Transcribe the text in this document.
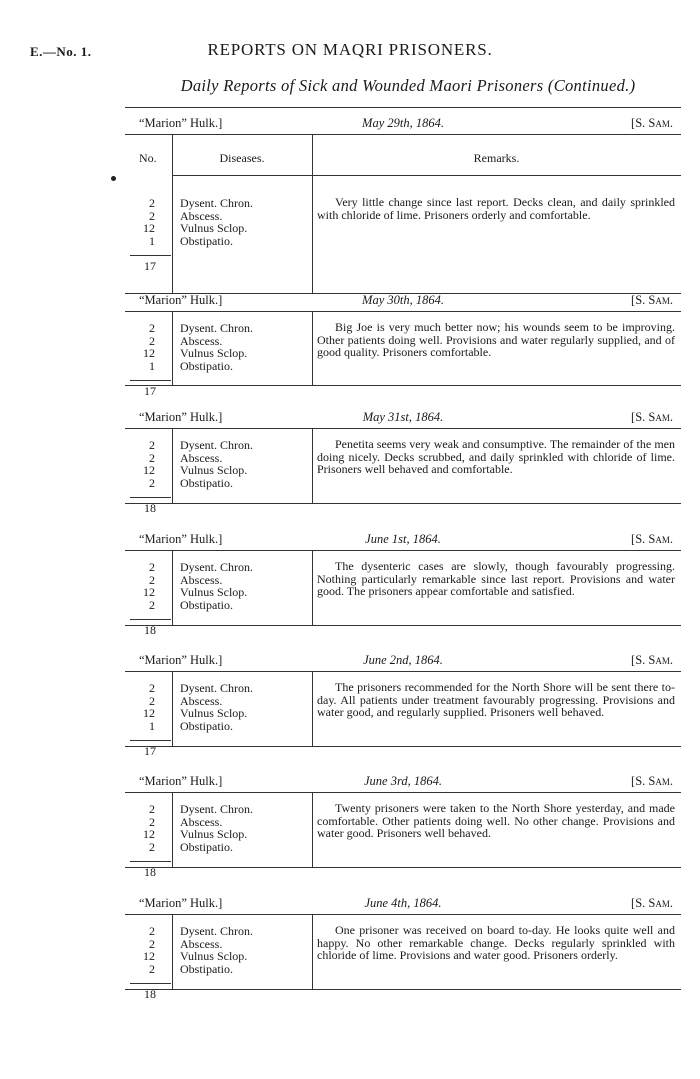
E.—No. 1.	REPORTS ON MAQRI PRISONERS.
Daily Reports of Sick and Wounded Maori Prisoners (Continued.)
“Marion” Hulk.]	May 29th, 1864.	[S. Sam.
No.	Diseases.	Remarks.
2 Dysent. Chron.
2 Abscess.
12 Vulnus Sclop.
1 Obstipatio.
17
Very little change since last report. Decks clean, and daily sprinkled with chloride of lime. Prisoners orderly and comfortable.
“Marion” Hulk.]	May 30th, 1864.	[S. Sam.
2 Dysent. Chron.
2 Abscess.
12 Vulnus Sclop.
1 Obstipatio.
17
Big Joe is very much better now; his wounds seem to be improving. Other patients doing well. Provisions and water regularly supplied, and of good quality. Prisoners comfortable.
“Marion” Hulk.]	May 31st, 1864.	[S. Sam.
2 Dysent. Chron.
2 Abscess.
12 Vulnus Sclop.
2 Obstipatio.
18
Penetita seems very weak and consumptive. The remainder of the men doing nicely. Decks scrubbed, and daily sprinkled with chloride of lime. Prisoners well behaved and comfortable.
“Marion” Hulk.]	June 1st, 1864.	[S. Sam.
2 Dysent. Chron.
2 Abscess.
12 Vulnus Sclop.
2 Obstipatio.
18
The dysenteric cases are slowly, though favourably progressing. Nothing particularly remarkable since last report. Provisions and water good. The prisoners appear comfortable and satisfied.
“Marion” Hulk.]	June 2nd, 1864.	[S. Sam.
2 Dysent. Chron.
2 Abscess.
12 Vulnus Sclop.
1 Obstipatio.
17
The prisoners recommended for the North Shore will be sent there to-day. All patients under treatment favourably progressing. Provisions and water good, and regularly supplied. Prisoners well behaved.
“Marion” Hulk.]	June 3rd, 1864.	[S. Sam.
2 Dysent. Chron.
2 Abscess.
12 Vulnus Sclop.
2 Obstipatio.
18
Twenty prisoners were taken to the North Shore yesterday, and made comfortable. Other patients doing well. No other change. Provisions and water good. Prisoners well behaved.
“Marion” Hulk.]	June 4th, 1864.	[S. Sam.
2 Dysent. Chron.
2 Abscess.
12 Vulnus Sclop.
2 Obstipatio.
18
One prisoner was received on board to-day. He looks quite well and happy. No other remarkable change. Decks regularly sprinkled with chloride of lime. Provisions and water good. Prisoners orderly.
